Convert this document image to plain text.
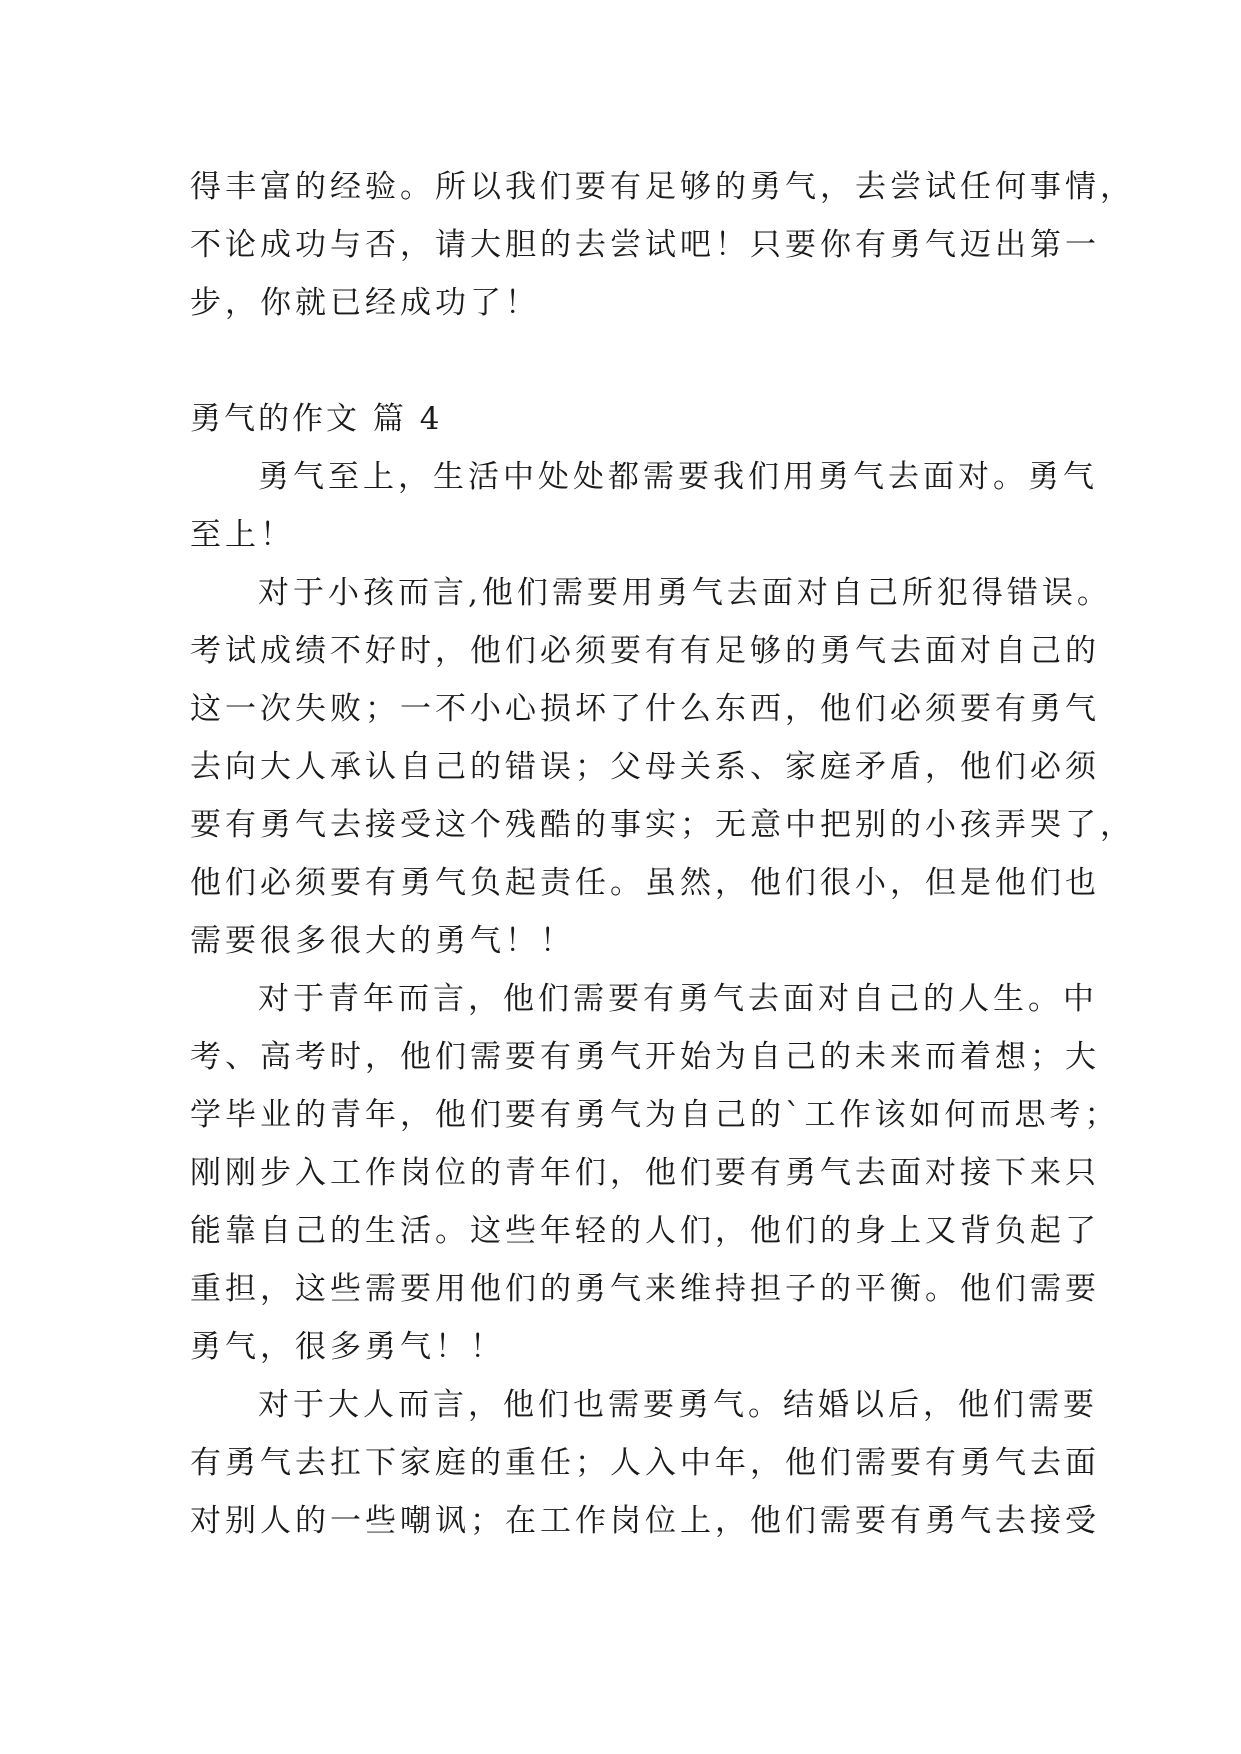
得丰富的经验。所以我们要有足够的勇气，去尝试任何事情，
不论成功与否，请大胆的去尝试吧！只要你有勇气迈出第一
步，你就已经成功了！
勇气的作文 篇 4
勇气至上，生活中处处都需要我们用勇气去面对。勇气
至上！
对于小孩而言,他们需要用勇气去面对自己所犯得错误。
考试成绩不好时，他们必须要有有足够的勇气去面对自己的
这一次失败；一不小心损坏了什么东西，他们必须要有勇气
去向大人承认自己的错误；父母关系、家庭矛盾，他们必须
要有勇气去接受这个残酷的事实；无意中把别的小孩弄哭了，
他们必须要有勇气负起责任。虽然，他们很小，但是他们也
需要很多很大的勇气！！
对于青年而言，他们需要有勇气去面对自己的人生。中
考、高考时，他们需要有勇气开始为自己的未来而着想；大
学毕业的青年，他们要有勇气为自己的`工作该如何而思考；
刚刚步入工作岗位的青年们，他们要有勇气去面对接下来只
能靠自己的生活。这些年轻的人们，他们的身上又背负起了
重担，这些需要用他们的勇气来维持担子的平衡。他们需要
勇气，很多勇气！！
对于大人而言，他们也需要勇气。结婚以后，他们需要
有勇气去扛下家庭的重任；人入中年，他们需要有勇气去面
对别人的一些嘲讽；在工作岗位上，他们需要有勇气去接受
